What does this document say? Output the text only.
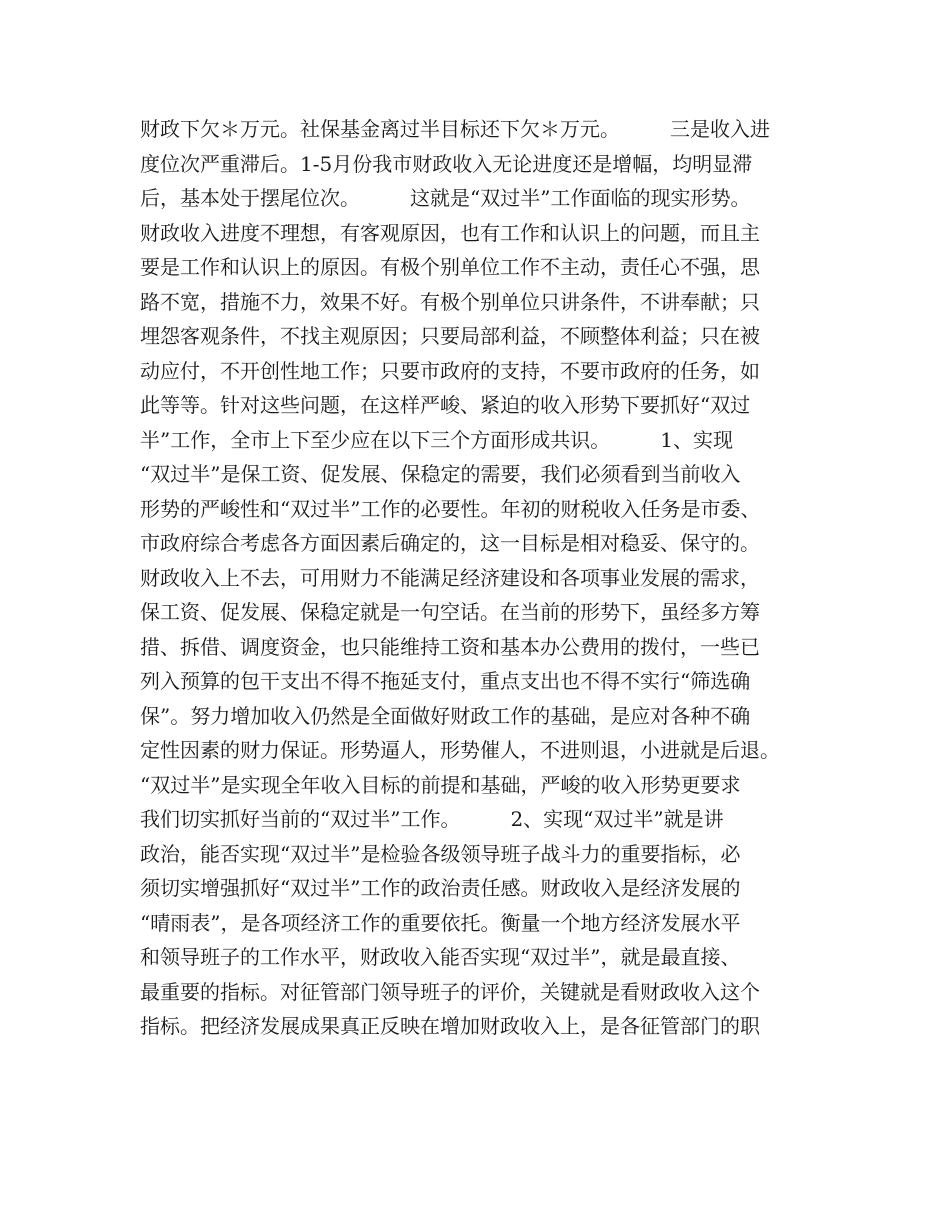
财政下欠＊万元。社保基金离过半目标还下欠＊万元。　　　三是收入进
度位次严重滞后。1-5月份我市财政收入无论进度还是增幅，均明显滞
后，基本处于摆尾位次。　　　这就是“双过半”工作面临的现实形势。
财政收入进度不理想，有客观原因，也有工作和认识上的问题，而且主
要是工作和认识上的原因。有极个别单位工作不主动，责任心不强，思
路不宽，措施不力，效果不好。有极个别单位只讲条件，不讲奉献；只
埋怨客观条件，不找主观原因；只要局部利益，不顾整体利益；只在被
动应付，不开创性地工作；只要市政府的支持，不要市政府的任务，如
此等等。针对这些问题，在这样严峻、紧迫的收入形势下要抓好“双过
半”工作，全市上下至少应在以下三个方面形成共识。　　　1、实现
“双过半”是保工资、促发展、保稳定的需要，我们必须看到当前收入
形势的严峻性和“双过半”工作的必要性。年初的财税收入任务是市委、
市政府综合考虑各方面因素后确定的，这一目标是相对稳妥、保守的。
财政收入上不去，可用财力不能满足经济建设和各项事业发展的需求，
保工资、促发展、保稳定就是一句空话。在当前的形势下，虽经多方筹
措、拆借、调度资金，也只能维持工资和基本办公费用的拨付，一些已
列入预算的包干支出不得不拖延支付，重点支出也不得不实行“筛选确
保”。努力增加收入仍然是全面做好财政工作的基础，是应对各种不确
定性因素的财力保证。形势逼人，形势催人，不进则退，小进就是后退。
“双过半”是实现全年收入目标的前提和基础，严峻的收入形势更要求
我们切实抓好当前的“双过半”工作。　　　2、实现“双过半”就是讲
政治，能否实现“双过半”是检验各级领导班子战斗力的重要指标，必
须切实增强抓好“双过半”工作的政治责任感。财政收入是经济发展的
“晴雨表”，是各项经济工作的重要依托。衡量一个地方经济发展水平
和领导班子的工作水平，财政收入能否实现“双过半”，就是最直接、
最重要的指标。对征管部门领导班子的评价，关键就是看财政收入这个
指标。把经济发展成果真正反映在增加财政收入上，是各征管部门的职
